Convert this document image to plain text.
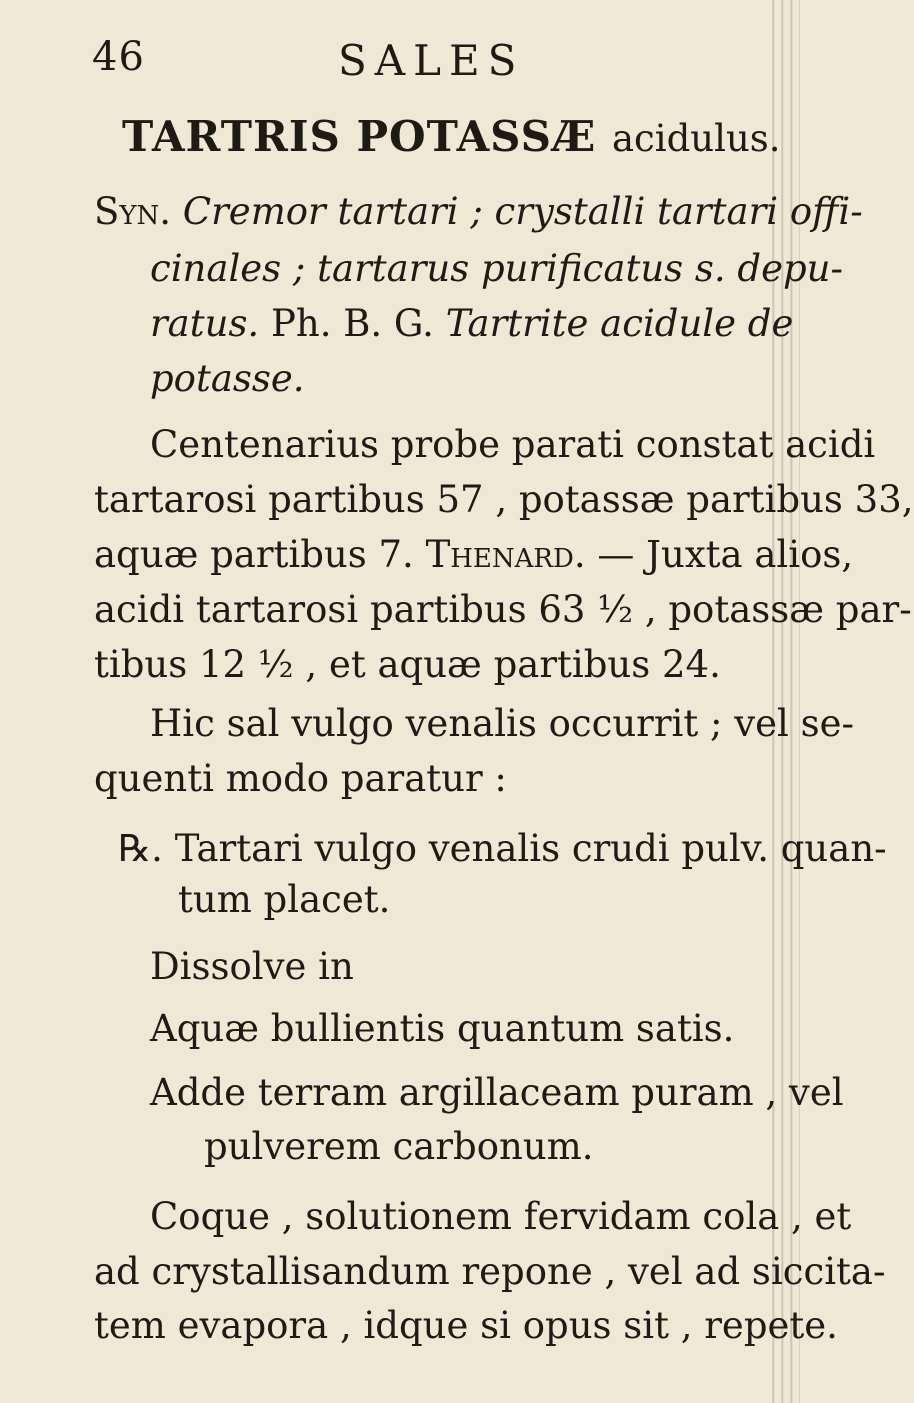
46	SALES
TARTRIS POTASSÆ acidulus.
Syn. Cremor tartari ; crystalli tartari offi-
cinales ; tartarus purificatus s. depu-
ratus. Ph. B. G. Tartrite acidule de
potasse.
Centenarius probe parati constat acidi
tartarosi partibus 57 , potassæ partibus 33,
aquæ partibus 7. Thenard. — Juxta alios,
acidi tartarosi partibus 63 ½ , potassæ par-
tibus 12 ½ , et aquæ partibus 24.
Hic sal vulgo venalis occurrit ; vel se-
quenti modo paratur :
℞. Tartari vulgo venalis crudi pulv. quan-
tum placet.
Dissolve in
Aquæ bullientis quantum satis.
Adde terram argillaceam puram , vel
pulverem carbonum.
Coque , solutionem fervidam cola , et
ad crystallisandum repone , vel ad siccita-
tem evapora , idque si opus sit , repete.
